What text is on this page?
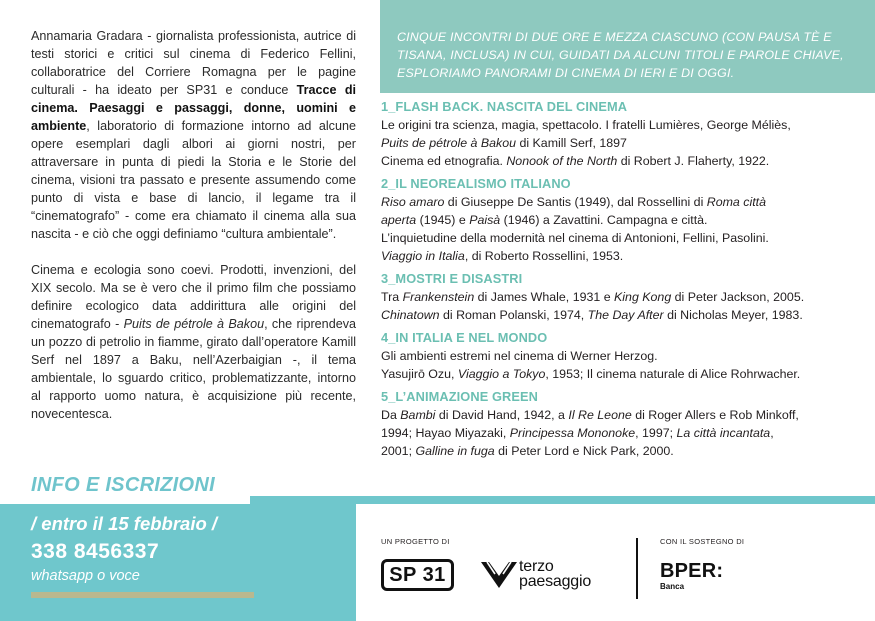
Annamaria Gradara - giornalista professionista, autrice di testi storici e critici sul cinema di Federico Fellini, collaboratrice del Corriere Romagna per le pagine culturali - ha ideato per SP31 e conduce Tracce di cinema. Paesaggi e passaggi, donne, uomini e ambiente, laboratorio di formazione intorno ad alcune opere esemplari dagli albori ai giorni nostri, per attraversare in punta di piedi la Storia e le Storie del cinema, visioni tra passato e presente assumendo come punto di vista e base di lancio, il legame tra il “cinematografo” - come era chiamato il cinema alla sua nascita - e ciò che oggi definiamo “cultura ambientale”.

Cinema e ecologia sono coevi. Prodotti, invenzioni, del XIX secolo. Ma se è vero che il primo film che possiamo definire ecologico data addirittura alle origini del cinematografo - Puits de pétrole à Bakou, che riprendeva un pozzo di petrolio in fiamme, girato dall’operatore Kamill Serf nel 1897 a Baku, nell’Azerbaigian -, il tema ambientale, lo sguardo critico, problematizzante, intorno al rapporto uomo natura, è acquisizione più recente, novecentesca.

CINQUE INCONTRI DI DUE ORE E MEZZA CIASCUNO (CON PAUSA TÈ E TISANA, INCLUSA) IN CUI, GUIDATI DA ALCUNI TITOLI E PAROLE CHIAVE, ESPLORIAMO PANORAMI DI CINEMA DI IERI E DI OGGI.

1_FLASH BACK. NASCITA DEL CINEMA
Le origini tra scienza, magia, spettacolo. I fratelli Lumières, George Méliès,
Puits de pétrole à Bakou di Kamill Serf, 1897
Cinema ed etnografia. Nonook of the North di Robert J. Flaherty, 1922.
2_IL NEOREALISMO ITALIANO
Riso amaro di Giuseppe De Santis (1949), dal Rossellini di Roma città
aperta (1945) e Paisà (1946) a Zavattini. Campagna e città.
L’inquietudine della modernità nel cinema di Antonioni, Fellini, Pasolini.
Viaggio in Italia, di Roberto Rossellini, 1953.
3_MOSTRI E DISASTRI
Tra Frankenstein di James Whale, 1931 e King Kong di Peter Jackson, 2005.
Chinatown di Roman Polanski, 1974, The Day After di Nicholas Meyer, 1983.
4_IN ITALIA E NEL MONDO
Gli ambienti estremi nel cinema di Werner Herzog.
Yasujirō Ozu, Viaggio a Tokyo, 1953; Il cinema naturale di Alice Rohrwacher.
5_L’ANIMAZIONE GREEN
Da Bambi di David Hand, 1942, a Il Re Leone di Roger Allers e Rob Minkoff,
1994; Hayao Miyazaki, Principessa Mononoke, 1997; La città incantata,
2001; Galline in fuga di Peter Lord e Nick Park, 2000.
INFO E ISCRIZIONI
/ entro il 15 febbraio /
338 8456337
whatsapp o voce
UN PROGETTO DI
SP 31	terzo
paesaggio
CON IL SOSTEGNO DI
BPER:
Banca
